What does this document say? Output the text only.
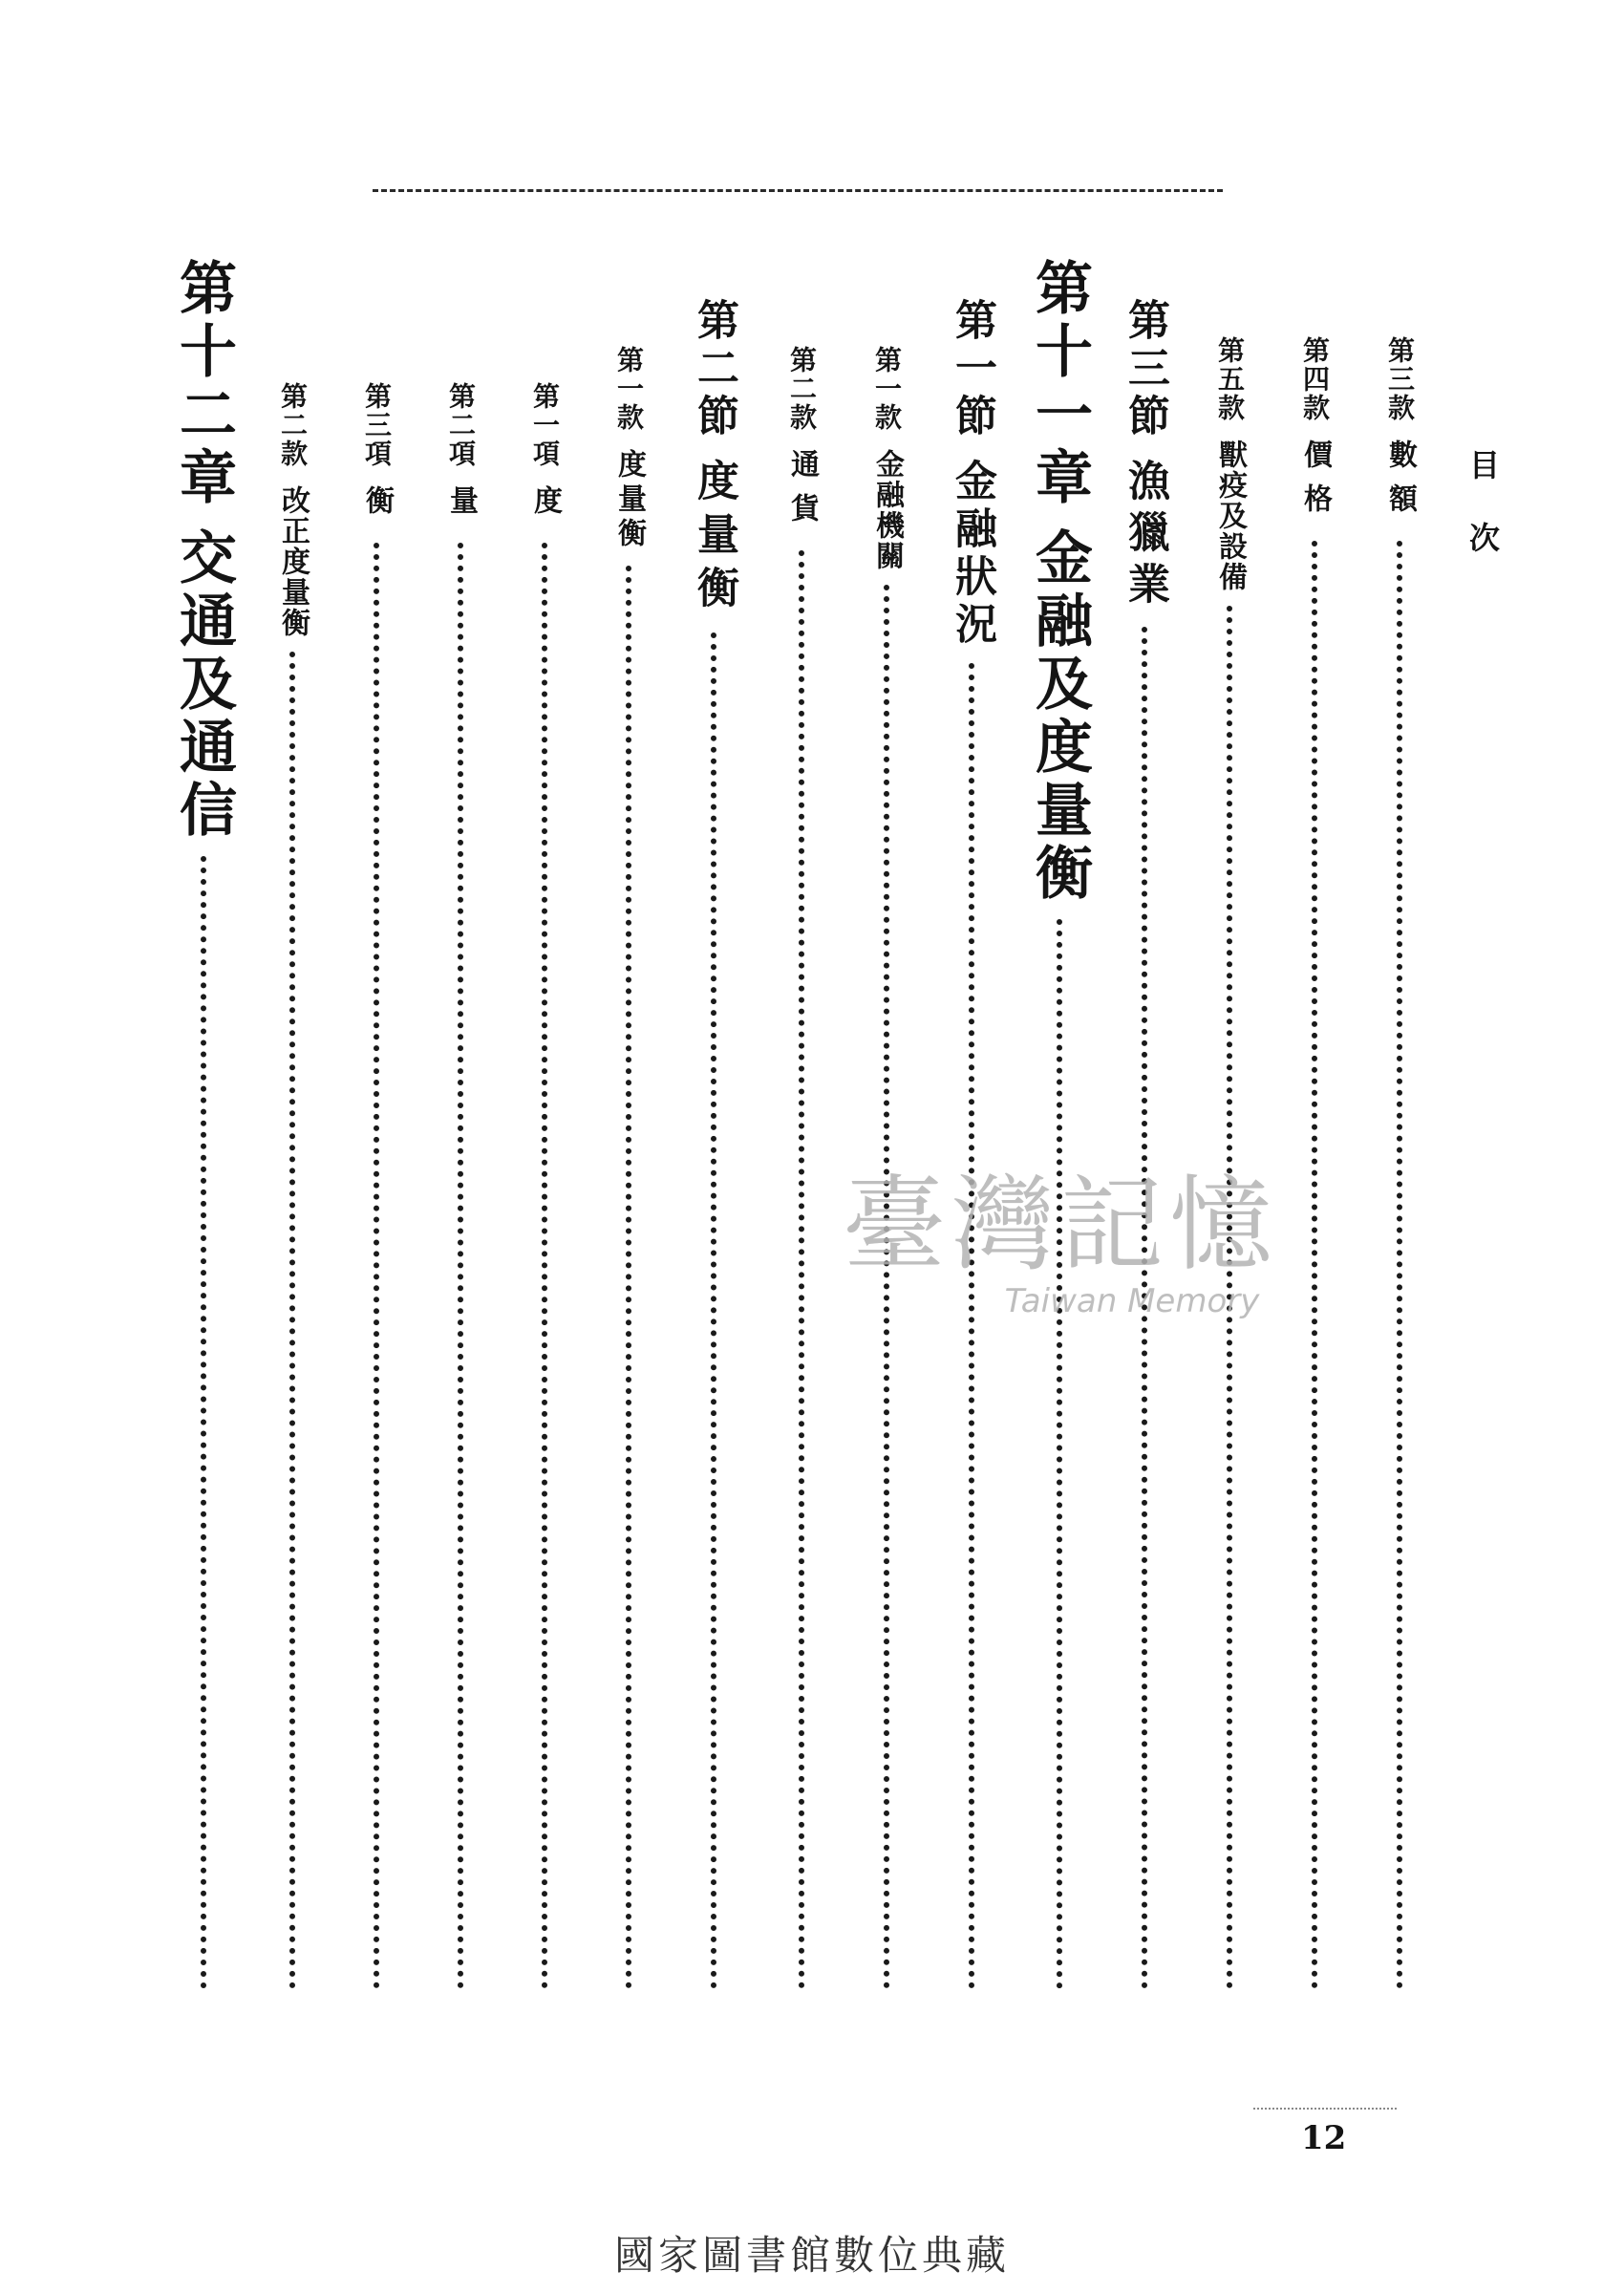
目次
第三款
數額
第四款
價格
第五款
獸疫及設備
第三節
漁獵業
第十一章
金融及度量衡
第一節
金融狀況
第一款
金融機關
第二款
通貨
第二節
度量衡
第一款
度量衡
第一項
度
第二項
量
第三項
衡
第二款
改正度量衡
第十二章
交通及通信
臺灣記憶
Taiwan Memory
12
國家圖書館數位典藏
